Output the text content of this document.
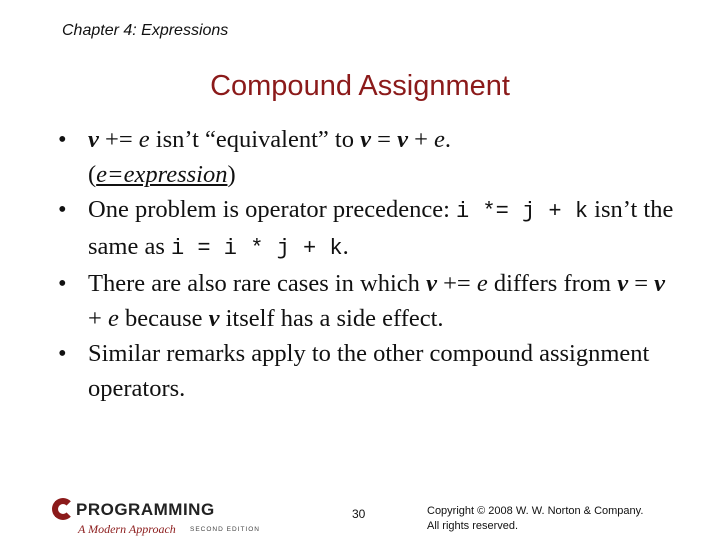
Chapter 4: Expressions
Compound Assignment
• v += e isn’t “equivalent” to v = v + e.
(e=expression)
• One problem is operator precedence: i *= j + k isn’t the same as i = i * j + k.
• There are also rare cases in which v += e differs from v = v + e because v itself has a side effect.
• Similar remarks apply to the other compound assignment operators.
PROGRAMMING
A Modern Approach SECOND EDITION
30	Copyright © 2008 W. W. Norton & Company.
All rights reserved.
